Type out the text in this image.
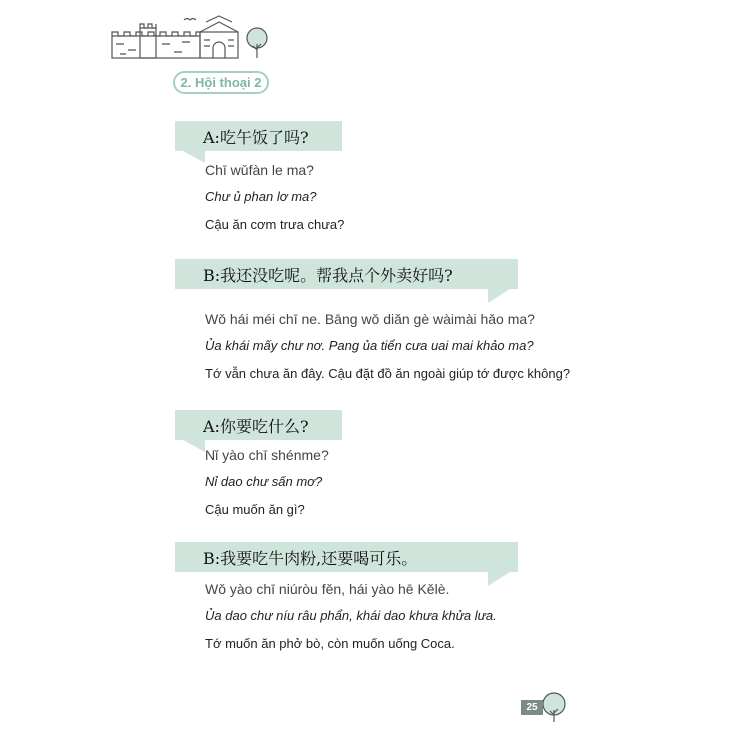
2. Hội thoại 2
A:吃午饭了吗?
Chī wǔfàn le ma?
Chư ủ phan lơ ma?
Cậu ăn cơm trưa chưa?
B:我还没吃呢。帮我点个外卖好吗?
Wǒ hái méi chī ne. Bāng wǒ diǎn gè wàimài hǎo ma?
Ủa khái mấy chư nơ. Pang ủa tiển cưa uai mai khảo ma?
Tớ vẫn chưa ăn đây. Cậu đặt đồ ăn ngoài giúp tớ được không?
A:你要吃什么?
Nǐ yào chī shénme?
Nỉ dao chư sấn mơ?
Cậu muốn ăn gì?
B:我要吃牛肉粉,还要喝可乐。
Wǒ yào chī niúròu fěn, hái yào hē Kělè.
Ủa dao chư níu râu phẩn, khái dao khưa khửa lưa.
Tớ muốn ăn phở bò, còn muốn uống Coca.
25
